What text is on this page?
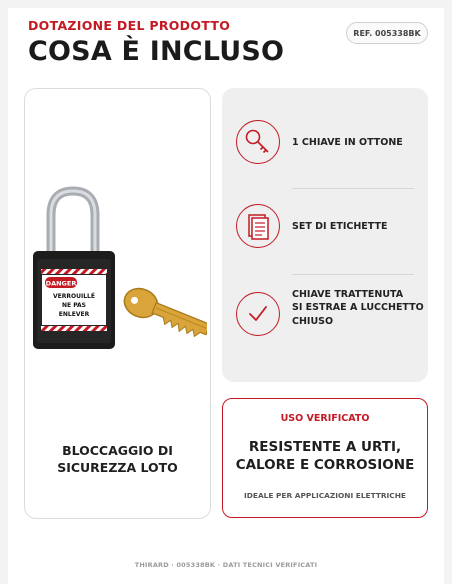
DOTAZIONE DEL PRODOTTO	REF. 005338BK
COSA È INCLUSO
DANGER
VERROUILLÉ
NE PAS
ENLEVER
BLOCCAGGIO DI
SICUREZZA LOTO
1 CHIAVE IN OTTONE
SET DI ETICHETTE
CHIAVE TRATTENUTA
SI ESTRAE A LUCCHETTO
CHIUSO
USO VERIFICATO
RESISTENTE A URTI,
CALORE E CORROSIONE
IDEALE PER APPLICAZIONI ELETTRICHE
THIRARD · 005338BK · DATI TECNICI VERIFICATI
